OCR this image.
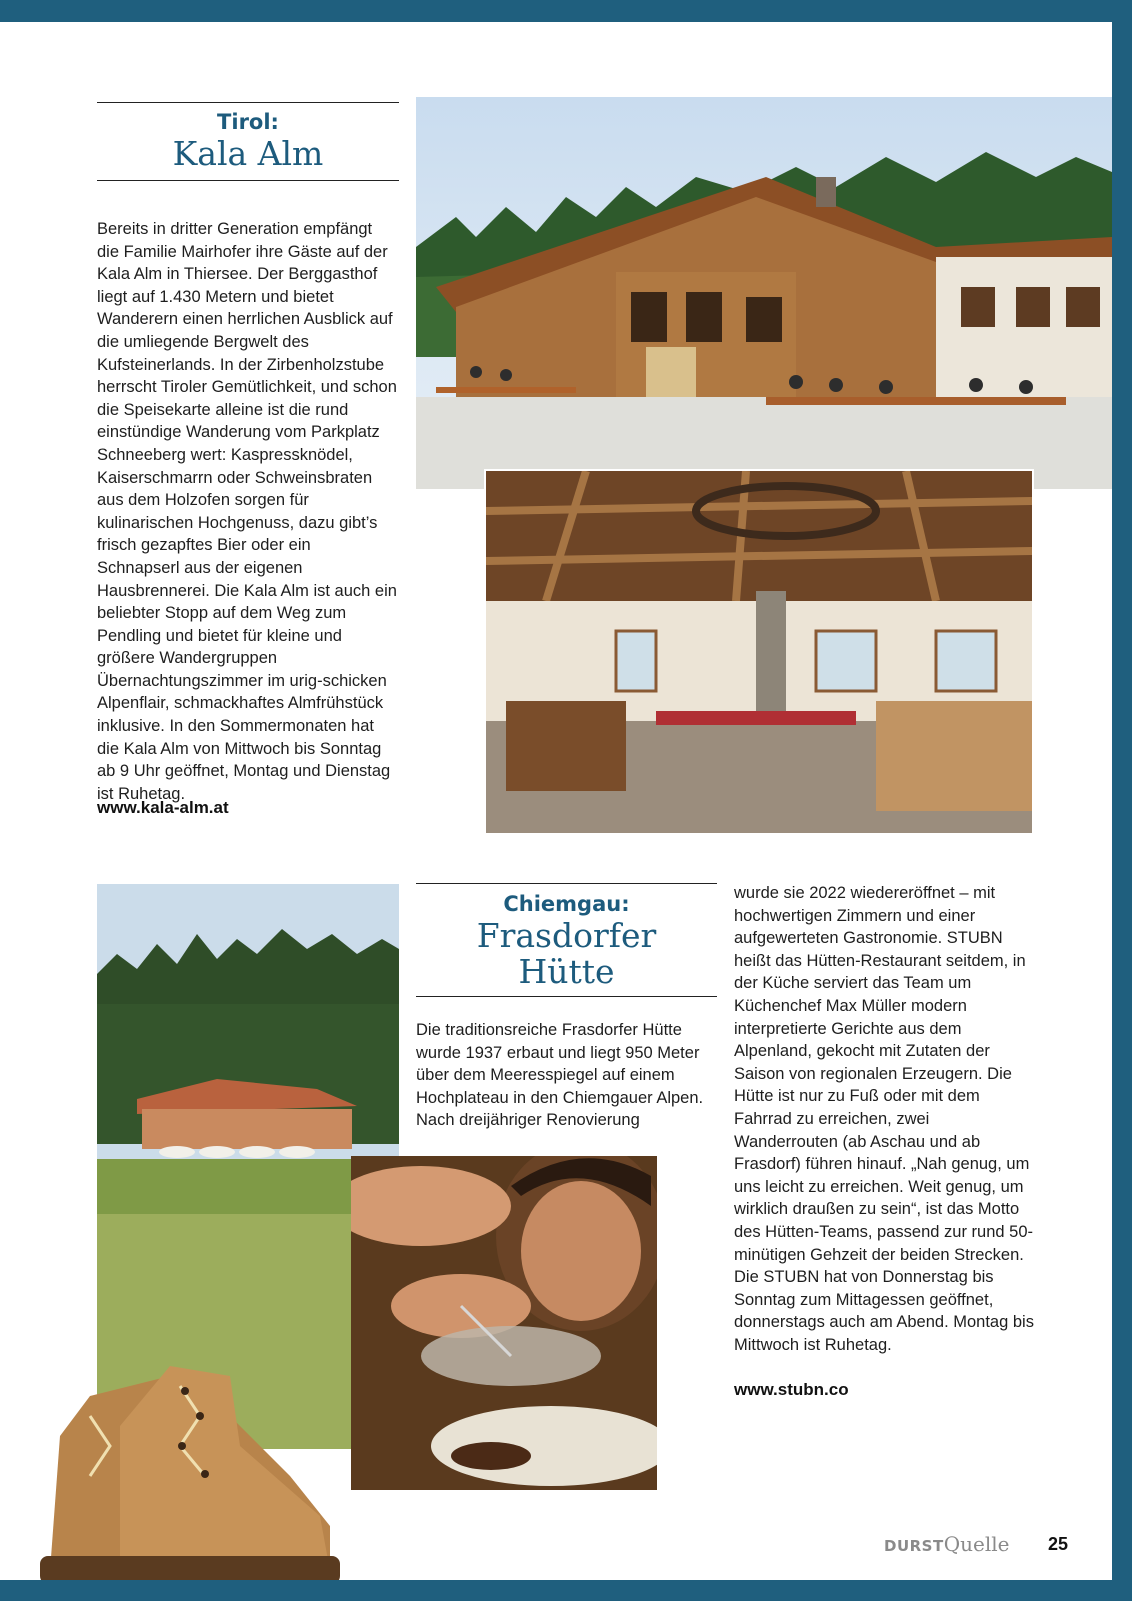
Tirol:
Kala Alm
Bereits in dritter Generation empfängt die Familie Mairhofer ihre Gäste auf der Kala Alm in Thiersee. Der Berggasthof liegt auf 1.430 Metern und bietet Wanderern einen herrlichen Ausblick auf die umliegende Bergwelt des Kufsteinerlands. In der Zirbenholzstube herrscht Tiroler Gemütlichkeit, und schon die Speisekarte alleine ist die rund einstündige Wanderung vom Parkplatz Schneeberg wert: Kaspressknödel, Kaiserschmarrn oder Schweinsbraten aus dem Holzofen sorgen für kulinarischen Hochgenuss, dazu gibt’s frisch gezapftes Bier oder ein Schnapserl aus der eigenen Hausbrennerei. Die Kala Alm ist auch ein beliebter Stopp auf dem Weg zum Pendling und bietet für kleine und größere Wandergruppen Übernachtungszimmer im urig-schicken Alpenflair, schmackhaftes Almfrühstück inklusive. In den Sommermonaten hat die Kala Alm von Mittwoch bis Sonntag ab 9 Uhr geöffnet, Montag und Dienstag ist Ruhetag.
www.kala-alm.at
Chiemgau:
Frasdorfer
Hütte
Die traditionsreiche Frasdorfer Hütte wurde 1937 erbaut und liegt 950 Meter über dem Meeresspiegel auf einem Hochplateau in den Chiemgauer Alpen. Nach dreijähriger Renovierung
wurde sie 2022 wiedereröffnet – mit hochwertigen Zimmern und einer aufgewerteten Gastronomie. STUBN heißt das Hütten-Restaurant seitdem, in der Küche serviert das Team um Küchenchef Max Müller modern interpretierte Gerichte aus dem Alpenland, gekocht mit Zutaten der Saison von regionalen Erzeugern. Die Hütte ist nur zu Fuß oder mit dem Fahrrad zu erreichen, zwei Wanderrouten (ab Aschau und ab Frasdorf) führen hinauf. „Nah genug, um uns leicht zu erreichen. Weit genug, um wirklich draußen zu sein“, ist das Motto des Hütten-Teams, passend zur rund 50-minütigen Gehzeit der beiden Strecken. Die STUBN hat von Donnerstag bis Sonntag zum Mittagessen geöffnet, donnerstags auch am Abend. Montag bis Mittwoch ist Ruhetag.
www.stubn.co
DURSTQuelle 25
